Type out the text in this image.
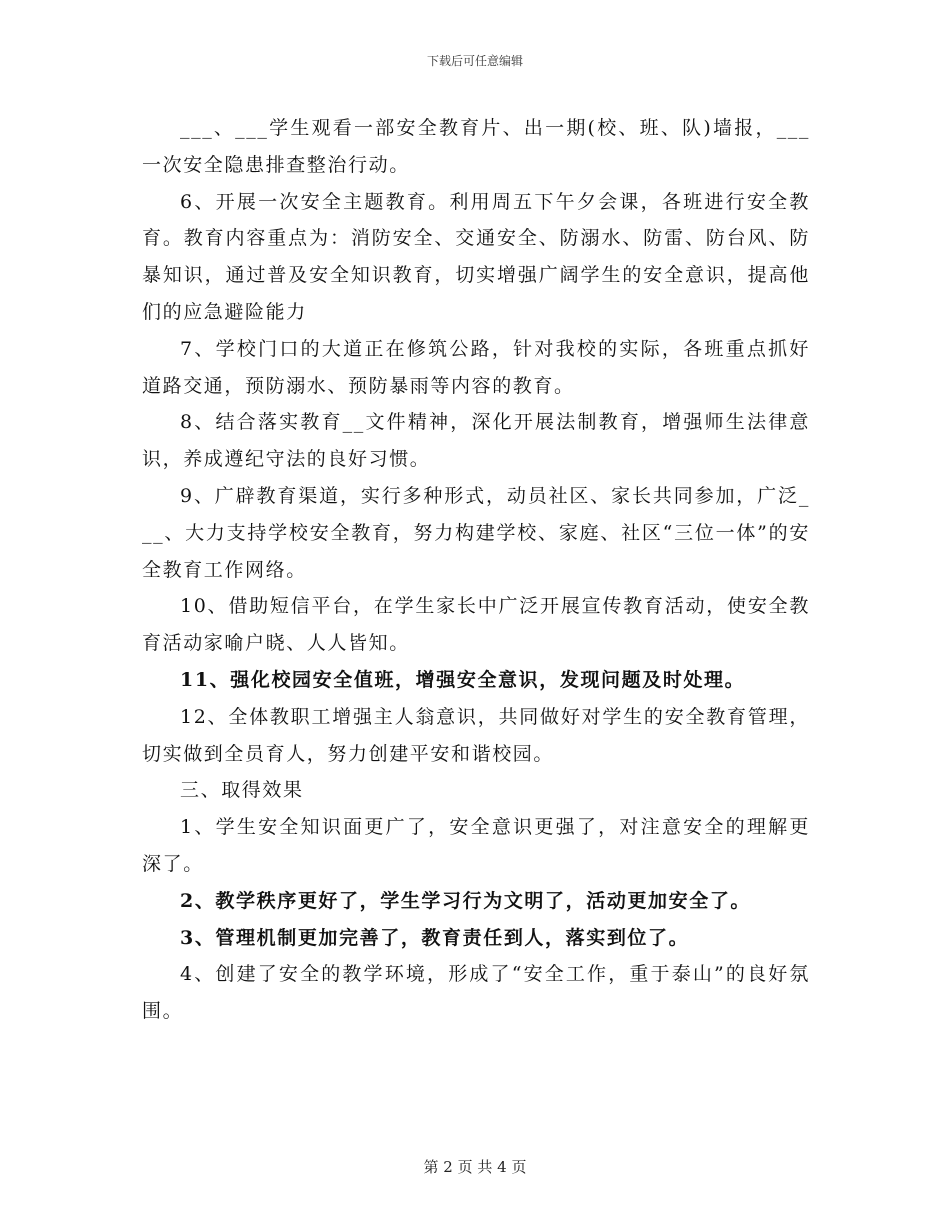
下载后可任意编辑

___、___学生观看一部安全教育片、出一期(校、班、队)墙报，___一次安全隐患排查整治行动。

6、开展一次安全主题教育。利用周五下午夕会课，各班进行安全教育。教育内容重点为：消防安全、交通安全、防溺水、防雷、防台风、防暴知识，通过普及安全知识教育，切实增强广阔学生的安全意识，提高他们的应急避险能力

7、学校门口的大道正在修筑公路，针对我校的实际，各班重点抓好道路交通，预防溺水、预防暴雨等内容的教育。

8、结合落实教育__文件精神，深化开展法制教育，增强师生法律意识，养成遵纪守法的良好习惯。

9、广辟教育渠道，实行多种形式，动员社区、家长共同参加，广泛___、大力支持学校安全教育，努力构建学校、家庭、社区“三位一体”的安全教育工作网络。

10、借助短信平台，在学生家长中广泛开展宣传教育活动，使安全教育活动家喻户晓、人人皆知。

11、强化校园安全值班，增强安全意识，发现问题及时处理。

12、全体教职工增强主人翁意识，共同做好对学生的安全教育管理，切实做到全员育人，努力创建平安和谐校园。

三、取得效果

1、学生安全知识面更广了，安全意识更强了，对注意安全的理解更深了。

2、教学秩序更好了，学生学习行为文明了，活动更加安全了。

3、管理机制更加完善了，教育责任到人，落实到位了。

4、创建了安全的教学环境，形成了“安全工作，重于泰山”的良好氛围。

第 2 页 共 4 页
